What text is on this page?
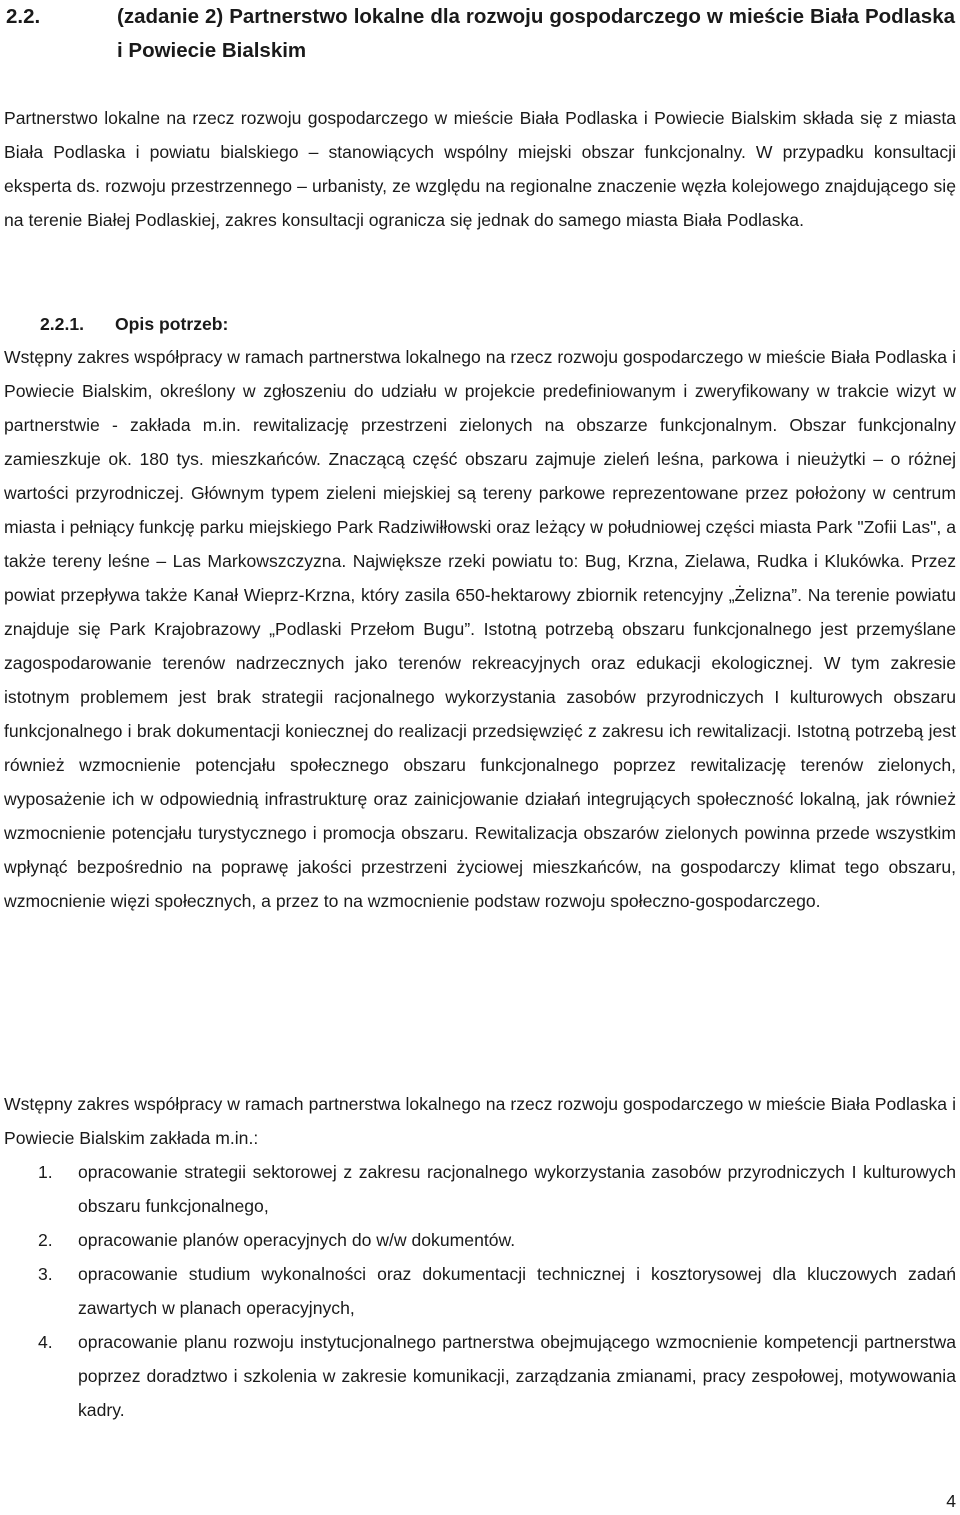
2.2.	(zadanie 2) Partnerstwo lokalne dla rozwoju gospodarczego w mieście Biała Podlaska i Powiecie Bialskim

Partnerstwo lokalne na rzecz rozwoju gospodarczego w mieście Biała Podlaska i Powiecie Bialskim składa się z miasta Biała Podlaska i powiatu bialskiego – stanowiących wspólny miejski obszar funkcjonalny. W przypadku konsultacji eksperta ds. rozwoju przestrzennego – urbanisty, ze względu na regionalne znaczenie węzła kolejowego znajdującego się na terenie Białej Podlaskiej, zakres konsultacji ogranicza się jednak do samego miasta Biała Podlaska.

2.2.1. Opis potrzeb:

Wstępny zakres współpracy w ramach partnerstwa lokalnego na rzecz rozwoju gospodarczego w mieście Biała Podlaska i Powiecie Bialskim, określony w zgłoszeniu do udziału w projekcie predefiniowanym i zweryfikowany w trakcie wizyt w partnerstwie - zakłada m.in. rewitalizację przestrzeni zielonych na obszarze funkcjonalnym. Obszar funkcjonalny zamieszkuje ok. 180 tys. mieszkańców. Znaczącą część obszaru zajmuje zieleń leśna, parkowa i nieużytki – o różnej wartości przyrodniczej. Głównym typem zieleni miejskiej są tereny parkowe reprezentowane przez położony w centrum miasta i pełniący funkcję parku miejskiego Park Radziwiłłowski oraz leżący w południowej części miasta Park "Zofii Las", a także tereny leśne – Las Markowszczyzna. Największe rzeki powiatu to: Bug, Krzna, Zielawa, Rudka i Klukówka. Przez powiat przepływa także Kanał Wieprz-Krzna, który zasila 650-hektarowy zbiornik retencyjny „Żelizna”. Na terenie powiatu znajduje się Park Krajobrazowy „Podlaski Przełom Bugu”. Istotną potrzebą obszaru funkcjonalnego jest przemyślane zagospodarowanie terenów nadrzecznych jako terenów rekreacyjnych oraz edukacji ekologicznej. W tym zakresie istotnym problemem jest brak strategii racjonalnego wykorzystania zasobów przyrodniczych I kulturowych obszaru funkcjonalnego i brak dokumentacji koniecznej do realizacji przedsięwzięć z zakresu ich rewitalizacji. Istotną potrzebą jest również wzmocnienie potencjału społecznego obszaru funkcjonalnego poprzez rewitalizację terenów zielonych, wyposażenie ich w odpowiednią infrastrukturę oraz zainicjowanie działań integrujących społeczność lokalną, jak również wzmocnienie potencjału turystycznego i promocja obszaru. Rewitalizacja obszarów zielonych powinna przede wszystkim wpłynąć bezpośrednio na poprawę jakości przestrzeni życiowej mieszkańców, na gospodarczy klimat tego obszaru, wzmocnienie więzi społecznych, a przez to na wzmocnienie podstaw rozwoju społeczno-gospodarczego.

Wstępny zakres współpracy w ramach partnerstwa lokalnego na rzecz rozwoju gospodarczego w mieście Biała Podlaska i Powiecie Bialskim zakłada m.in.:

1. opracowanie strategii sektorowej z zakresu racjonalnego wykorzystania zasobów przyrodniczych I kulturowych obszaru funkcjonalnego,
2. opracowanie planów operacyjnych do w/w dokumentów.
3. opracowanie studium wykonalności oraz dokumentacji technicznej i kosztorysowej dla kluczowych zadań zawartych w planach operacyjnych,
4. opracowanie planu rozwoju instytucjonalnego partnerstwa obejmującego wzmocnienie kompetencji partnerstwa poprzez doradztwo i szkolenia w zakresie komunikacji, zarządzania zmianami, pracy zespołowej, motywowania kadry.
4
